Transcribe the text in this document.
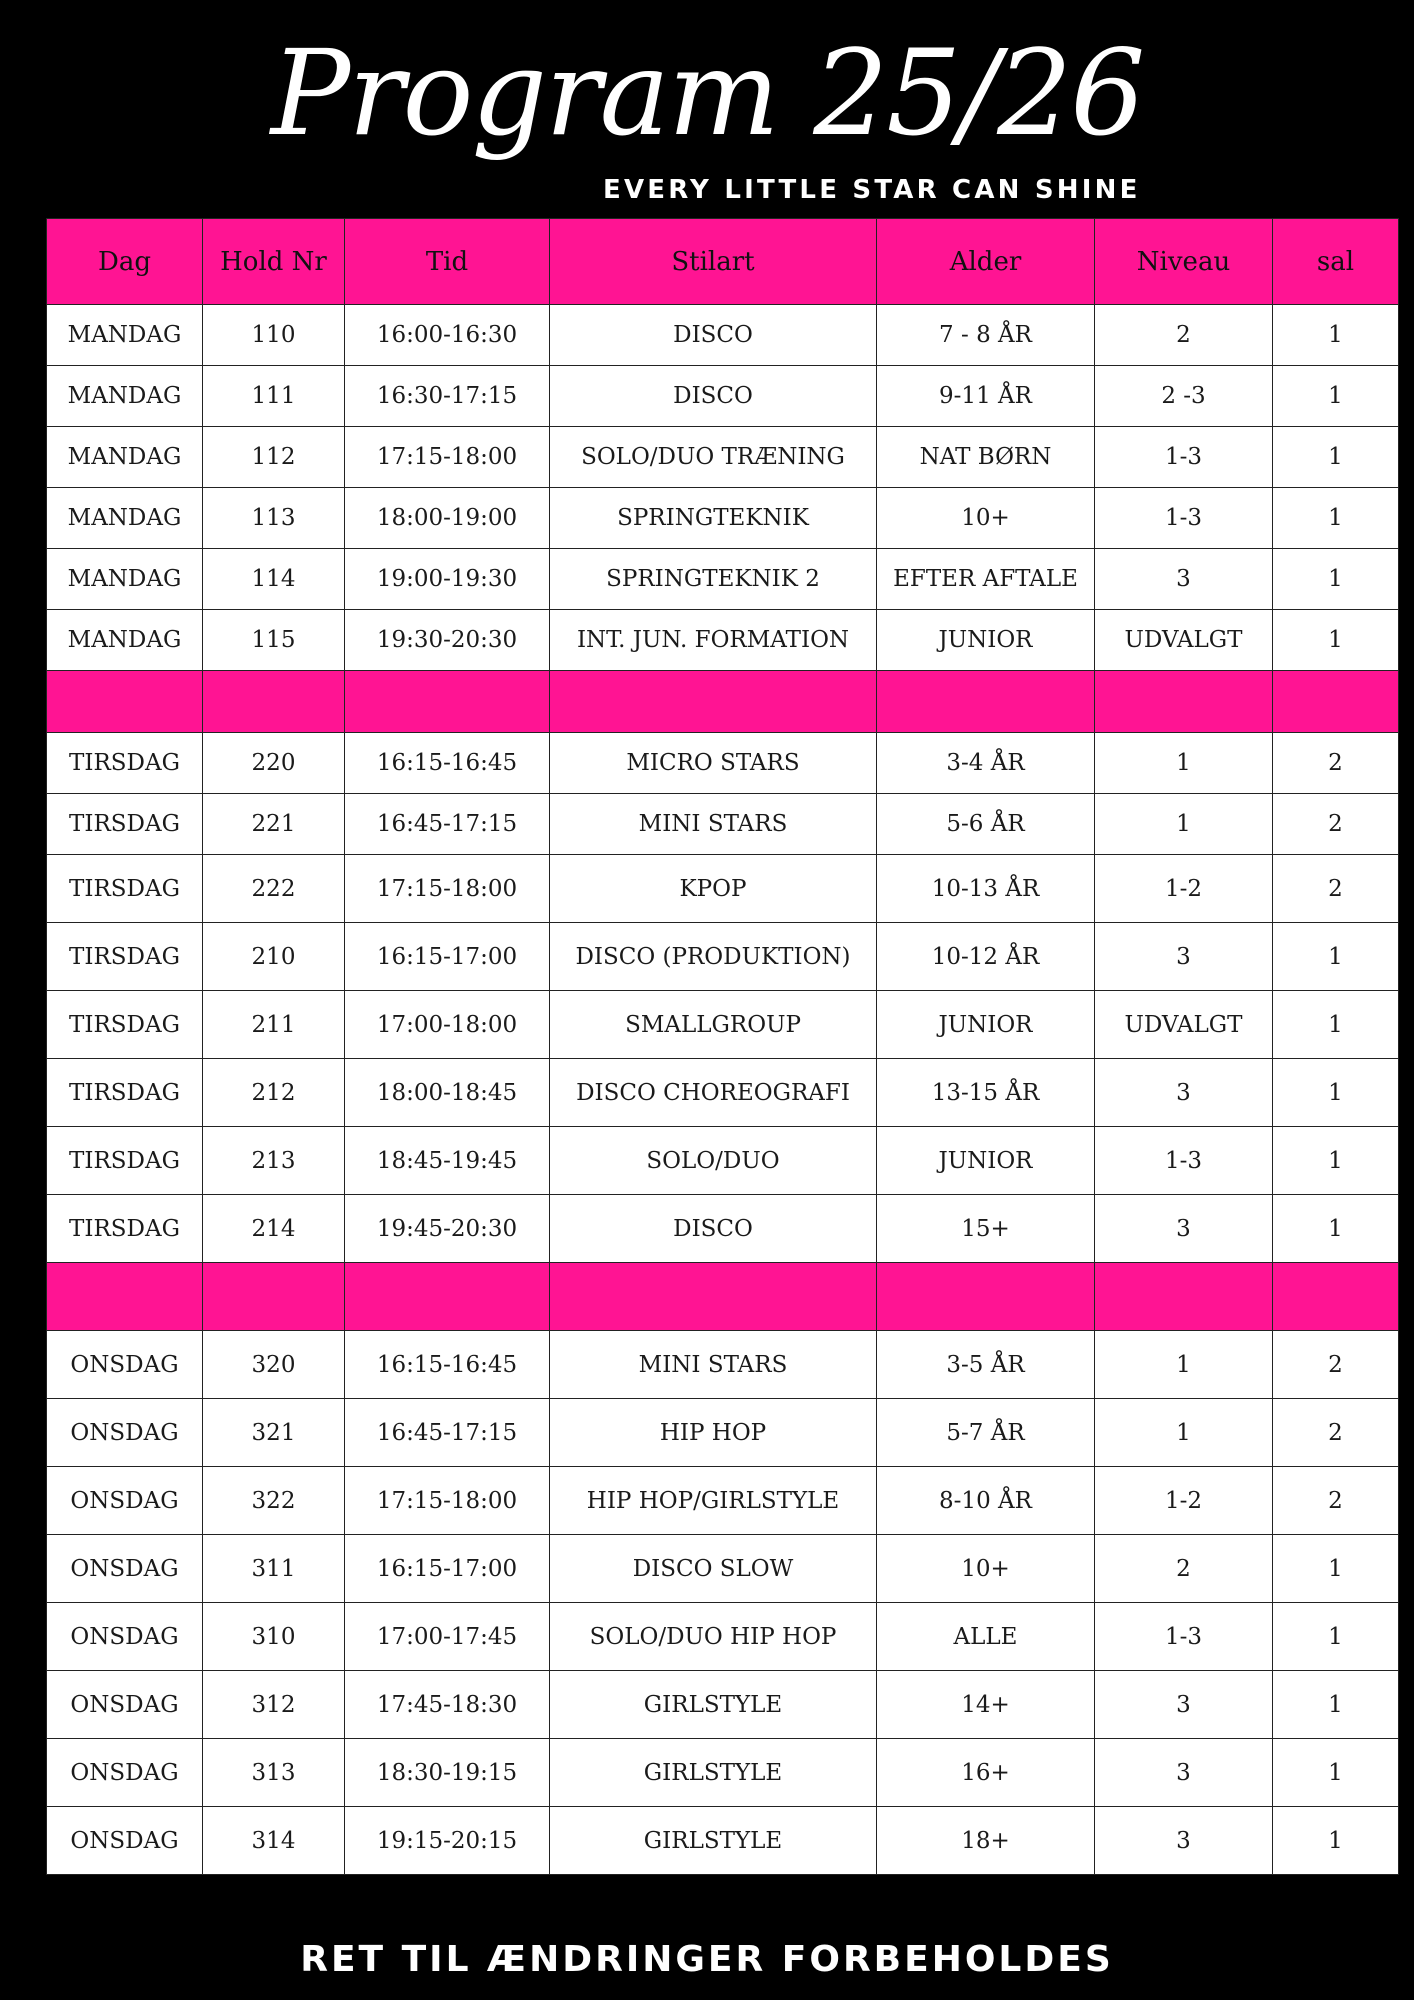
Program 25/26
EVERY LITTLE STAR CAN SHINE
Dag	Hold Nr	Tid	Stilart	Alder	Niveau	sal
MANDAG	110	16:00-16:30	DISCO	7 - 8 ÅR	2	1
MANDAG	111	16:30-17:15	DISCO	9-11 ÅR	2 -3	1
MANDAG	112	17:15-18:00	SOLO/DUO TRÆNING	NAT BØRN	1-3	1
MANDAG	113	18:00-19:00	SPRINGTEKNIK	10+	1-3	1
MANDAG	114	19:00-19:30	SPRINGTEKNIK 2	EFTER AFTALE	3	1
MANDAG	115	19:30-20:30	INT. JUN. FORMATION	JUNIOR	UDVALGT	1

TIRSDAG	220	16:15-16:45	MICRO STARS	3-4 ÅR	1	2
TIRSDAG	221	16:45-17:15	MINI STARS	5-6 ÅR	1	2
TIRSDAG	222	17:15-18:00	KPOP	10-13 ÅR	1-2	2
TIRSDAG	210	16:15-17:00	DISCO (PRODUKTION)	10-12 ÅR	3	1
TIRSDAG	211	17:00-18:00	SMALLGROUP	JUNIOR	UDVALGT	1
TIRSDAG	212	18:00-18:45	DISCO CHOREOGRAFI	13-15 ÅR	3	1
TIRSDAG	213	18:45-19:45	SOLO/DUO	JUNIOR	1-3	1
TIRSDAG	214	19:45-20:30	DISCO	15+	3	1

ONSDAG	320	16:15-16:45	MINI STARS	3-5 ÅR	1	2
ONSDAG	321	16:45-17:15	HIP HOP	5-7 ÅR	1	2
ONSDAG	322	17:15-18:00	HIP HOP/GIRLSTYLE	8-10 ÅR	1-2	2
ONSDAG	311	16:15-17:00	DISCO SLOW	10+	2	1
ONSDAG	310	17:00-17:45	SOLO/DUO HIP HOP	ALLE	1-3	1
ONSDAG	312	17:45-18:30	GIRLSTYLE	14+	3	1
ONSDAG	313	18:30-19:15	GIRLSTYLE	16+	3	1
ONSDAG	314	19:15-20:15	GIRLSTYLE	18+	3	1
RET TIL ÆNDRINGER FORBEHOLDES
